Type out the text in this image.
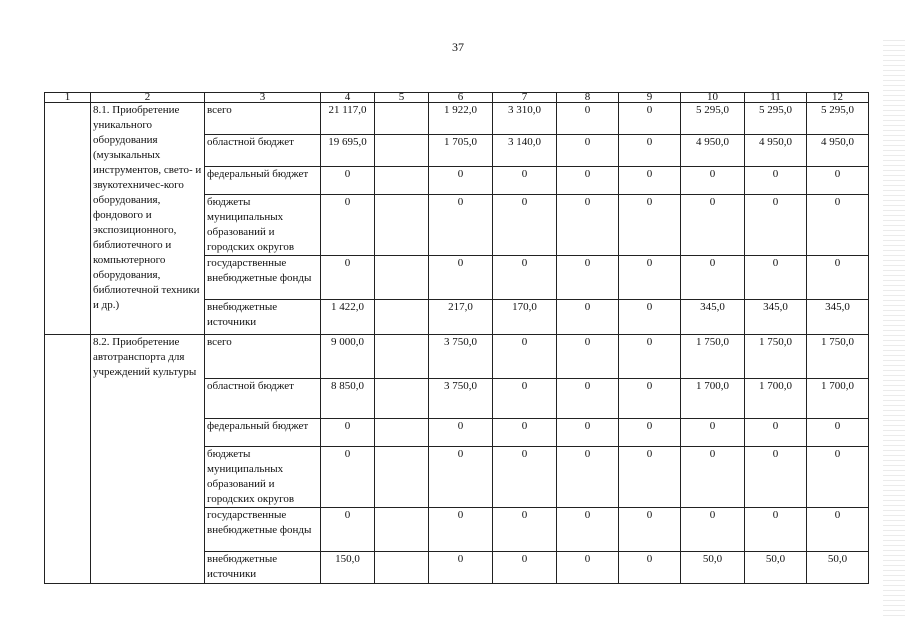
37
1	2	3	4	5	6	7	8	9	10	11	12
	8.1. Приобретение уникального оборудования (музыкальных инструментов, свето- и звукотехничес-кого оборудования, фондового и экспозиционного, библиотечного и компьютерного оборудования, библиотечной техники и др.)	всего	21 117,0		1 922,0	3 310,0	0	0	5 295,0	5 295,0	5 295,0
		областной бюджет	19 695,0		1 705,0	3 140,0	0	0	4 950,0	4 950,0	4 950,0
		федеральный бюджет	0		0	0	0	0	0	0	0
		бюджеты муниципальных образований и городских округов	0		0	0	0	0	0	0	0
		государственные внебюджетные фонды	0		0	0	0	0	0	0	0
		внебюджетные источники	1 422,0		217,0	170,0	0	0	345,0	345,0	345,0
	8.2. Приобретение автотранспорта для учреждений культуры	всего	9 000,0		3 750,0	0	0	0	1 750,0	1 750,0	1 750,0
		областной бюджет	8 850,0		3 750,0	0	0	0	1 700,0	1 700,0	1 700,0
		федеральный бюджет	0		0	0	0	0	0	0	0
		бюджеты муниципальных образований и городских округов	0		0	0	0	0	0	0	0
		государственные внебюджетные фонды	0		0	0	0	0	0	0	0
		внебюджетные источники	150,0		0	0	0	0	50,0	50,0	50,0
